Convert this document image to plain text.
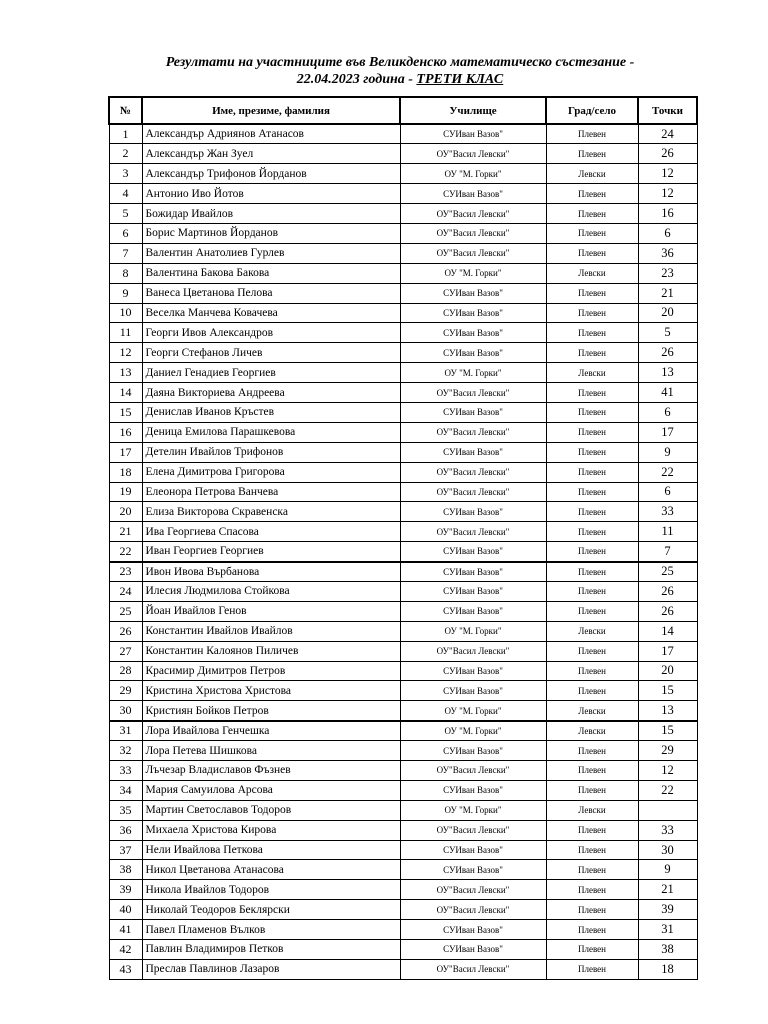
Резултати на участниците във Великденско математическо състезание -
22.04.2023 година - ТРЕТИ КЛАС
№	Име, презиме, фамилия	Училище	Град/село	Точки
1	Александър Адриянов Атанасов	СУИван Вазов"	Плевен	24
2	Александър Жан Зуел	ОУ"Васил Левски"	Плевен	26
3	Александър Трифонов Йорданов	ОУ "М. Горки"	Левски	12
4	Антонио Иво Йотов	СУИван Вазов"	Плевен	12
5	Божидар Ивайлов	ОУ"Васил Левски"	Плевен	16
6	Борис Мартинов Йорданов	ОУ"Васил Левски"	Плевен	6
7	Валентин Анатолиев Гурлев	ОУ"Васил Левски"	Плевен	36
8	Валентина Бакова Бакова	ОУ "М. Горки"	Левски	23
9	Ванеса Цветанова Пелова	СУИван Вазов"	Плевен	21
10	Веселка Манчева Ковачева	СУИван Вазов"	Плевен	20
11	Георги Ивов Александров	СУИван Вазов"	Плевен	5
12	Георги Стефанов Личев	СУИван Вазов"	Плевен	26
13	Даниел Генадиев Георгиев	ОУ "М. Горки"	Левски	13
14	Даяна Викториева Андреева	ОУ"Васил Левски"	Плевен	41
15	Денислав Иванов Кръстев	СУИван Вазов"	Плевен	6
16	Деница Емилова Парашкевова	ОУ"Васил Левски"	Плевен	17
17	Детелин Ивайлов Трифонов	СУИван Вазов"	Плевен	9
18	Елена Димитрова Григорова	ОУ"Васил Левски"	Плевен	22
19	Елеонора Петрова Ванчева	ОУ"Васил Левски"	Плевен	6
20	Елиза Викторова Скравенска	СУИван Вазов"	Плевен	33
21	Ива Георгиева Спасова	ОУ"Васил Левски"	Плевен	11
22	Иван Георгиев Георгиев	СУИван Вазов"	Плевен	7
23	Ивон Ивова Върбанова	СУИван Вазов"	Плевен	25
24	Илесия Людмилова Стойкова	СУИван Вазов"	Плевен	26
25	Йоан Ивайлов Генов	СУИван Вазов"	Плевен	26
26	Константин Ивайлов Ивайлов	ОУ "М. Горки"	Левски	14
27	Константин Калоянов Пиличев	ОУ"Васил Левски"	Плевен	17
28	Красимир Димитров Петров	СУИван Вазов"	Плевен	20
29	Кристина Христова Христова	СУИван Вазов"	Плевен	15
30	Кристиян Бойков Петров	ОУ "М. Горки"	Левски	13
31	Лора Ивайлова Генчешка	ОУ "М. Горки"	Левски	15
32	Лора Петева Шишкова	СУИван Вазов"	Плевен	29
33	Лъчезар Владиславов Фъзнев	ОУ"Васил Левски"	Плевен	12
34	Мария Самуилова Арсова	СУИван Вазов"	Плевен	22
35	Мартин Светославов Тодоров	ОУ "М. Горки"	Левски	
36	Михаела Христова Кирова	ОУ"Васил Левски"	Плевен	33
37	Нели Ивайлова Петкова	СУИван Вазов"	Плевен	30
38	Никол Цветанова Атанасова	СУИван Вазов"	Плевен	9
39	Никола Ивайлов Тодоров	ОУ"Васил Левски"	Плевен	21
40	Николай Теодоров Беклярски	ОУ"Васил Левски"	Плевен	39
41	Павел Пламенов Вълков	СУИван Вазов"	Плевен	31
42	Павлин Владимиров Петков	СУИван Вазов"	Плевен	38
43	Преслав Павлинов Лазаров	ОУ"Васил Левски"	Плевен	18
